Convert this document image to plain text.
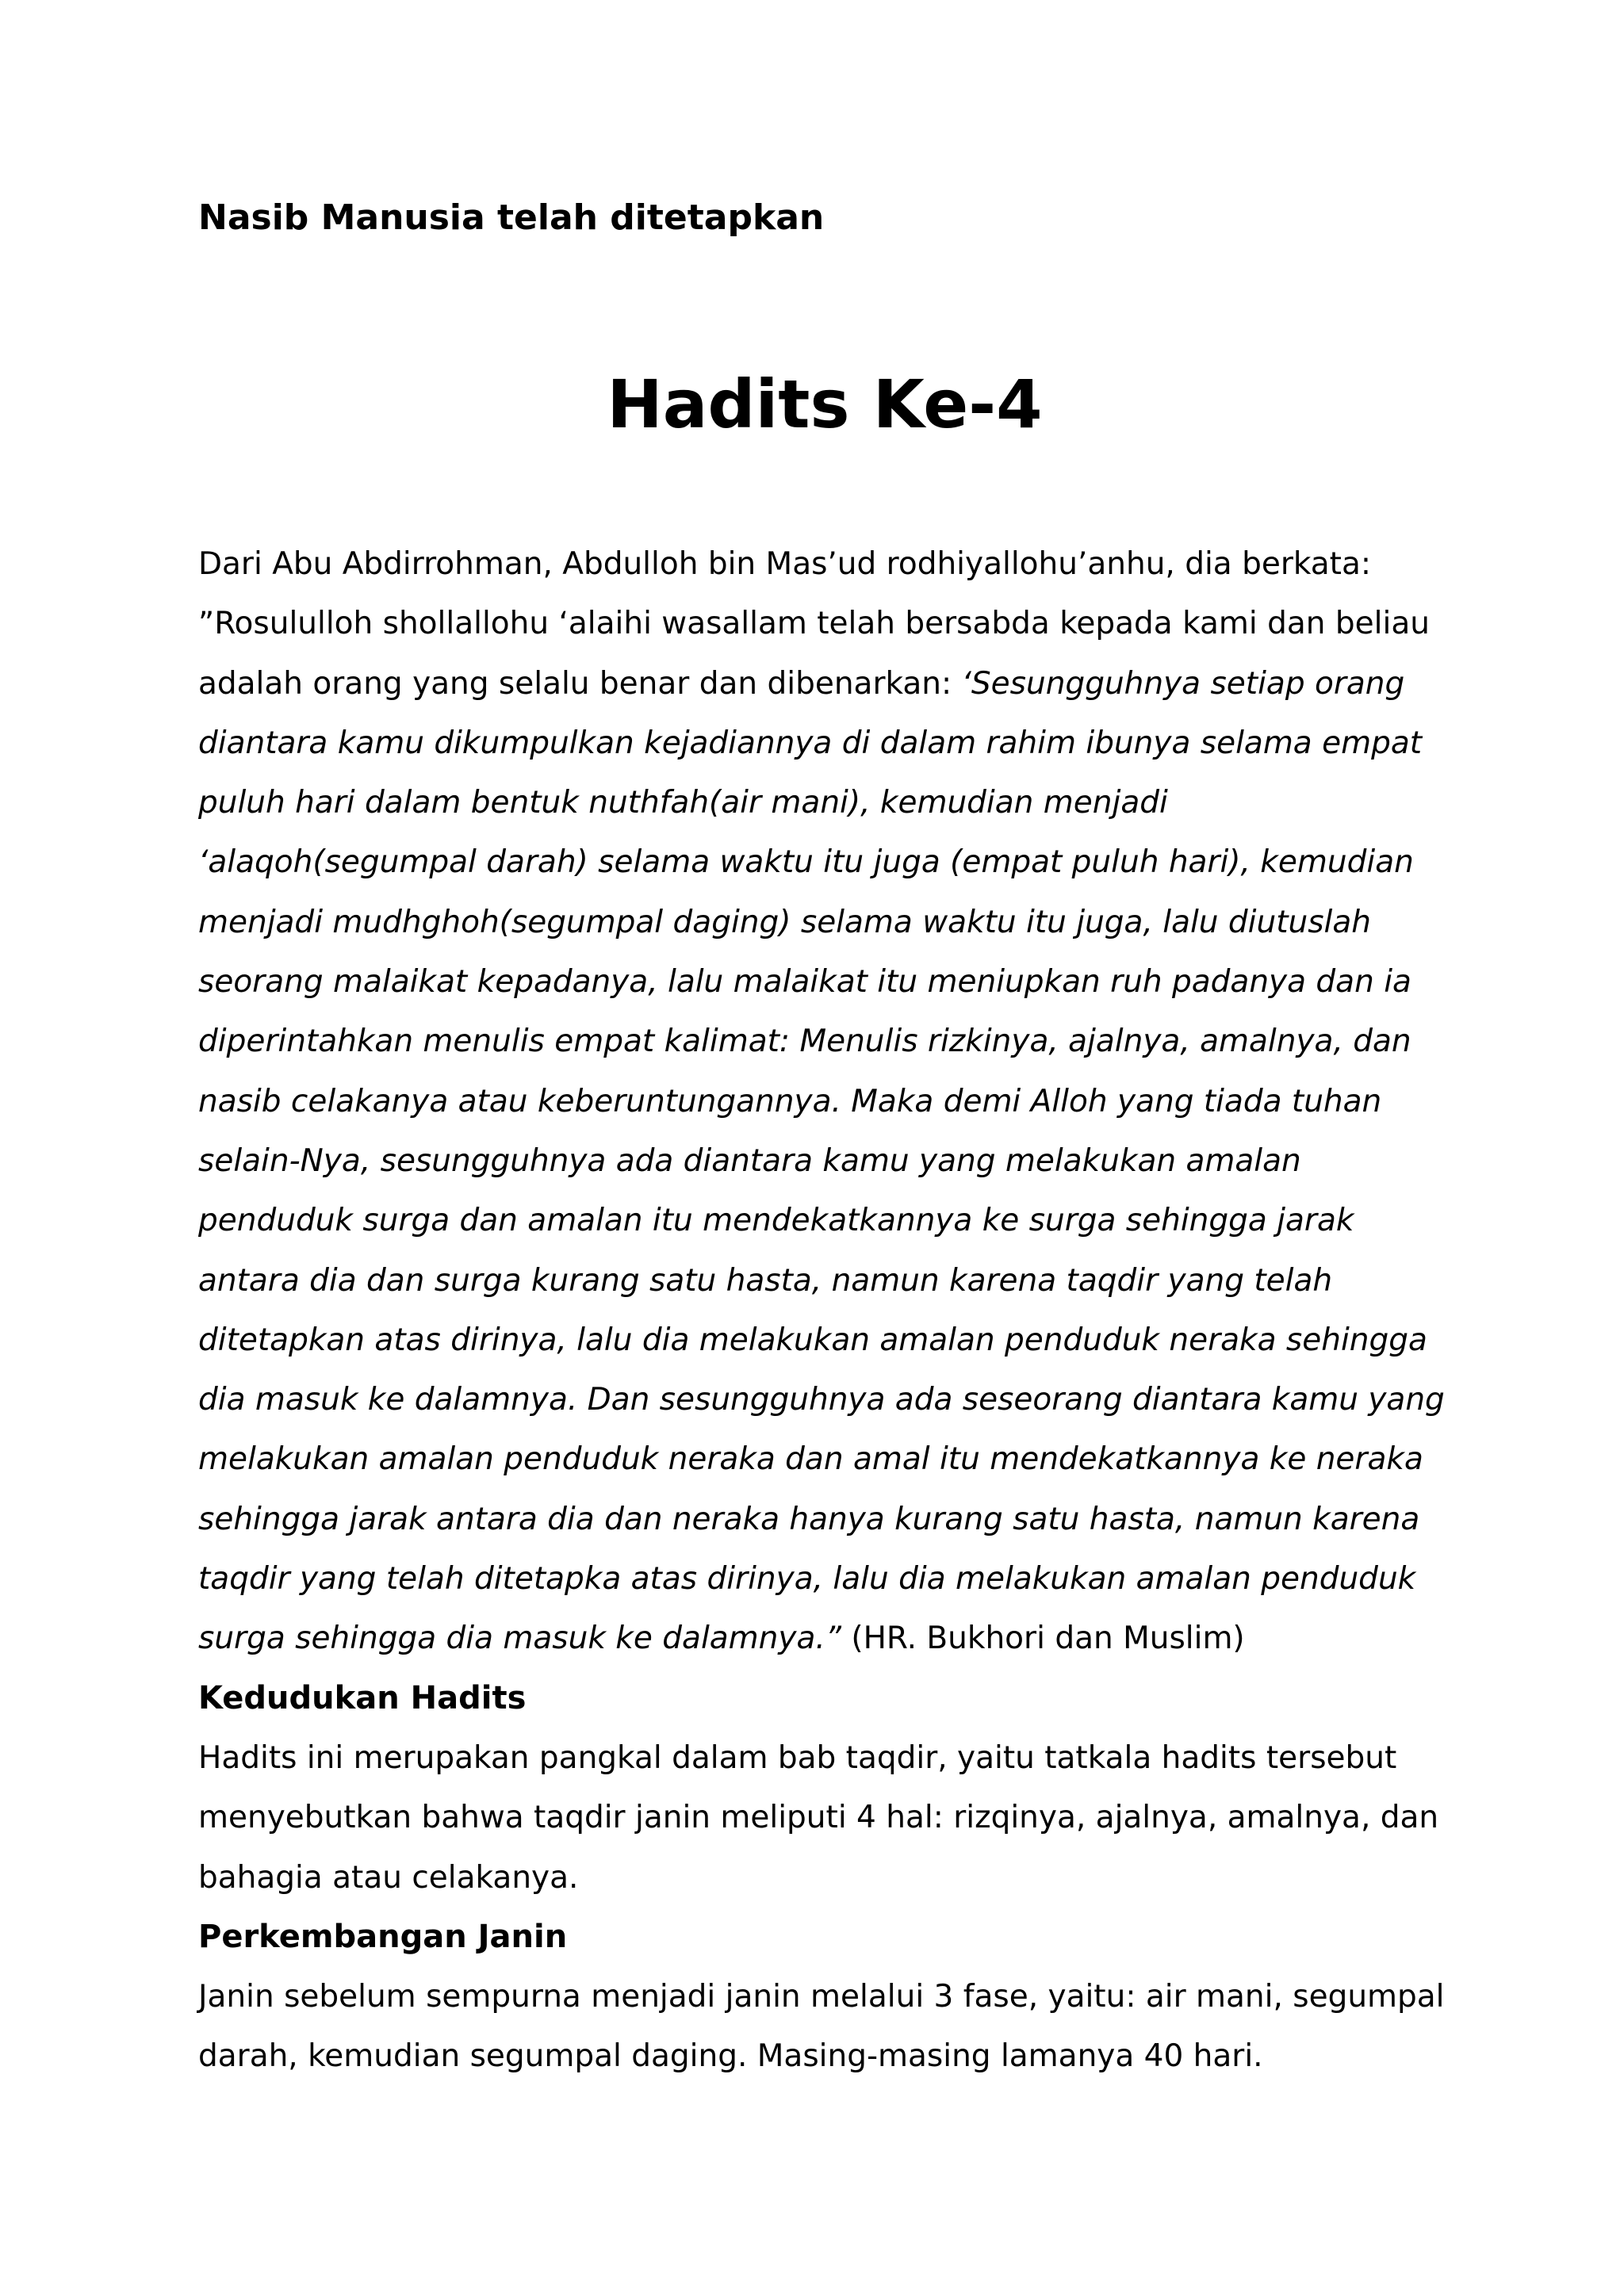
Nasib Manusia telah ditetapkan
Hadits Ke-4

Dari Abu Abdirrohman, Abdulloh bin Mas’ud rodhiyallohu’anhu, dia berkata: ”Rosululloh shollallohu ‘alaihi wasallam telah bersabda kepada kami dan beliau adalah orang yang selalu benar dan dibenarkan: ‘Sesungguhnya setiap orang diantara kamu dikumpulkan kejadiannya di dalam rahim ibunya selama empat puluh hari dalam bentuk nuthfah(air mani), kemudian menjadi ‘alaqoh(segumpal darah) selama waktu itu juga (empat puluh hari), kemudian menjadi mudhghoh(segumpal daging) selama waktu itu juga, lalu diutuslah seorang malaikat kepadanya, lalu malaikat itu meniupkan ruh padanya dan ia diperintahkan menulis empat kalimat: Menulis rizkinya, ajalnya, amalnya, dan nasib celakanya atau keberuntungannya. Maka demi Alloh yang tiada tuhan selain-Nya, sesungguhnya ada diantara kamu yang melakukan amalan penduduk surga dan amalan itu mendekatkannya ke surga sehingga jarak antara dia dan surga kurang satu hasta, namun karena taqdir yang telah ditetapkan atas dirinya, lalu dia melakukan amalan penduduk neraka sehingga dia masuk ke dalamnya. Dan sesungguhnya ada seseorang diantara kamu yang melakukan amalan penduduk neraka dan amal itu mendekatkannya ke neraka sehingga jarak antara dia dan neraka hanya kurang satu hasta, namun karena taqdir yang telah ditetapka atas dirinya, lalu dia melakukan amalan penduduk surga sehingga dia masuk ke dalamnya.” (HR. Bukhori dan Muslim)

Kedudukan Hadits

Hadits ini merupakan pangkal dalam bab taqdir, yaitu tatkala hadits tersebut menyebutkan bahwa taqdir janin meliputi 4 hal: rizqinya, ajalnya, amalnya, dan bahagia atau celakanya.

Perkembangan Janin

Janin sebelum sempurna menjadi janin melalui 3 fase, yaitu: air mani, segumpal darah, kemudian segumpal daging. Masing-masing lamanya 40 hari.
